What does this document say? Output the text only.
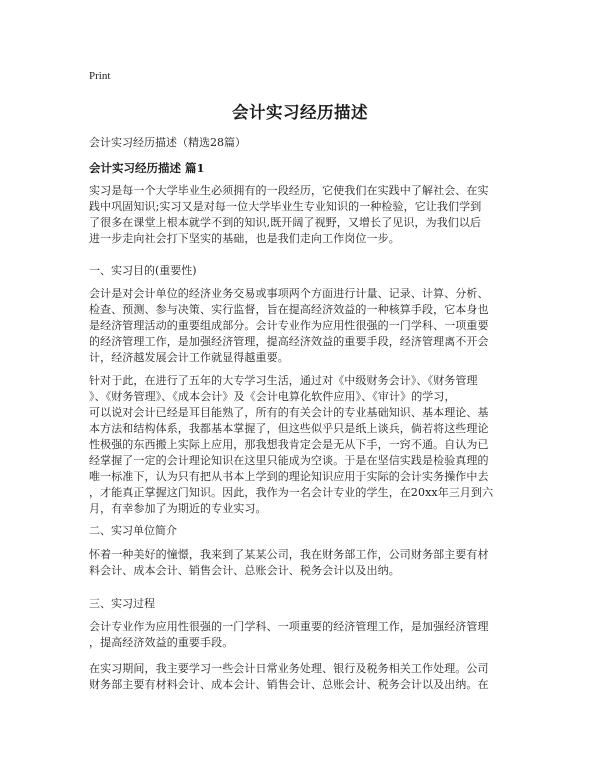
Print
会计实习经历描述
会计实习经历描述（精选28篇）
会计实习经历描述 篇1
实习是每一个大学毕业生必须拥有的一段经历，它使我们在实践中了解社会、在实
践中巩固知识;实习又是对每一位大学毕业生专业知识的一种检验，它让我们学到
了很多在课堂上根本就学不到的知识,既开阔了视野，又增长了见识，为我们以后
进一步走向社会打下坚实的基础，也是我们走向工作岗位一步。
一、实习目的(重要性)
会计是对会计单位的经济业务交易或事项两个方面进行计量、记录、计算、分析、
检查、预测、参与决策、实行监督，旨在提高经济效益的一种核算手段，它本身也
是经济管理活动的重要组成部分。会计专业作为应用性很强的一门学科、一项重要
的经济管理工作，是加强经济管理，提高经济效益的重要手段，经济管理离不开会
计，经济越发展会计工作就显得越重要。
针对于此，在进行了五年的大专学习生活，通过对《中级财务会计》、《财务管理
》、《财务管理》、《成本会计》及《会计电算化软件应用》、《审计》的学习，
可以说对会计已经是耳目能熟了，所有的有关会计的专业基础知识、基本理论、基
本方法和结构体系，我都基本掌握了，但这些似乎只是纸上谈兵，倘若将这些理论
性极强的东西搬上实际上应用，那我想我肯定会是无从下手，一窍不通。自认为已
经掌握了一定的会计理论知识在这里只能成为空谈。于是在坚信实践是检验真理的
唯一标准下，认为只有把从书本上学到的理论知识应用于实际的会计实务操作中去
，才能真正掌握这门知识。因此，我作为一名会计专业的学生，在20xx年三月到六
月，有幸参加了为期近的专业实习。
二、实习单位简介
怀着一种美好的憧憬，我来到了某某公司，我在财务部工作，公司财务部主要有材
料会计、成本会计、销售会计、总账会计、税务会计以及出纳。
三、实习过程
会计专业作为应用性很强的一门学科、一项重要的经济管理工作，是加强经济管理
，提高经济效益的重要手段。
在实习期间，我主要学习一些会计日常业务处理、银行及税务相关工作处理。公司
财务部主要有材料会计、成本会计、销售会计、总账会计、税务会计以及出纳。在
